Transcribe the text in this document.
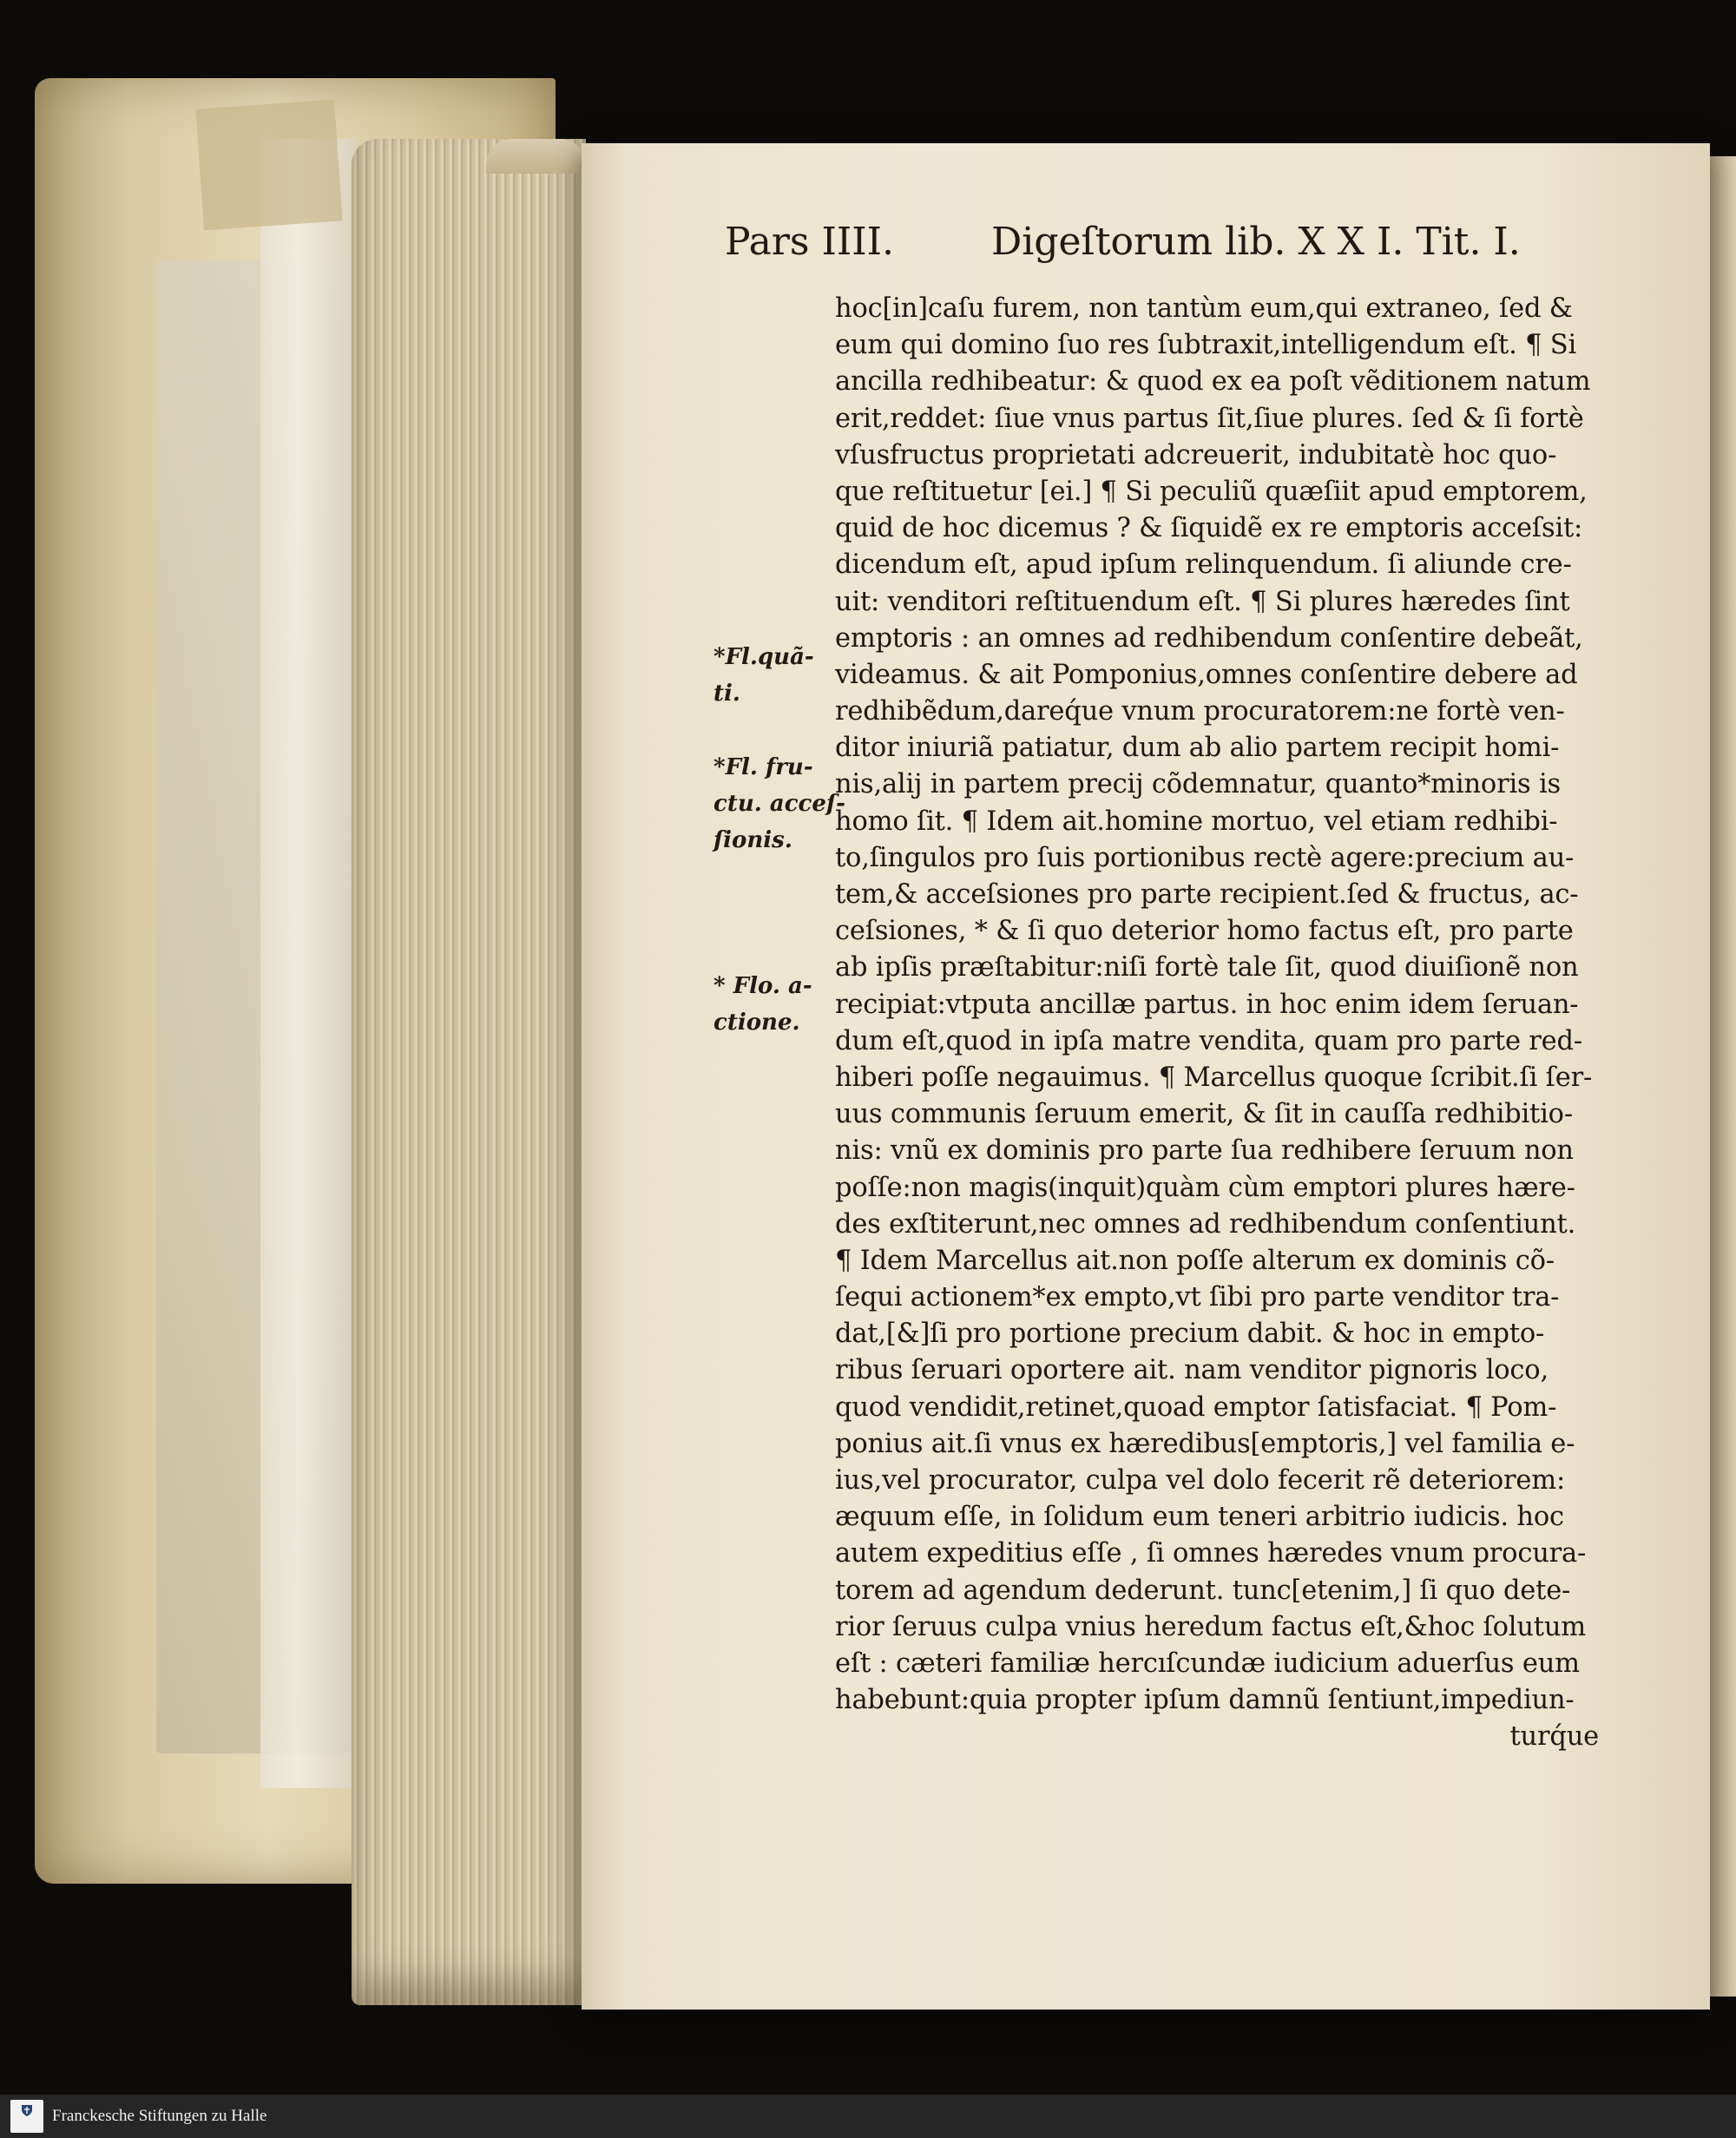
Pars IIII.	Digeſtorum lib. X X I. Tit. I.
hoc[in]caſu furem, non tantùm eum,qui extraneo, ſed &
eum qui domino ſuo res ſubtraxit,intelligendum eſt. ¶ Si
ancilla redhibeatur: & quod ex ea poſt vẽditionem natum
erit,reddet: ſiue vnus partus ſit,ſiue plures. ſed & ſi fortè
vſusfructus proprietati adcreuerit, indubitatè hoc quo-
que reſtituetur [ei.] ¶ Si peculiũ quæſiit apud emptorem,
quid de hoc dicemus ? & ſiquidẽ ex re emptoris acceſsit:
dicendum eſt, apud ipſum relinquendum. ſi aliunde cre-
uit: venditori reſtituendum eſt. ¶ Si plures hæredes ſint
emptoris : an omnes ad redhibendum conſentire debeãt,
videamus. & ait Pomponius,omnes conſentire debere ad
redhibẽdum,dareq́ue vnum procuratorem:ne fortè ven-
ditor iniuriã patiatur, dum ab alio partem recipit homi-
nis,alij in partem precij cõdemnatur, quanto*minoris is
homo ſit. ¶ Idem ait.homine mortuo, vel etiam redhibi-
to,ſingulos pro ſuis portionibus rectè agere:precium au-
tem,& acceſsiones pro parte recipient.ſed & fructus, ac-
ceſsiones, * & ſi quo deterior homo factus eſt, pro parte
ab ipſis præſtabitur:niſi fortè tale ſit, quod diuiſionẽ non
recipiat:vtputa ancillæ partus. in hoc enim idem ſeruan-
dum eſt,quod in ipſa matre vendita, quam pro parte red-
hiberi poſſe negauimus. ¶ Marcellus quoque ſcribit.ſi ſer-
uus communis ſeruum emerit, & ſit in cauſſa redhibitio-
nis: vnũ ex dominis pro parte ſua redhibere ſeruum non
poſſe:non magis(inquit)quàm cùm emptori plures hære-
des exſtiterunt,nec omnes ad redhibendum conſentiunt.
¶ Idem Marcellus ait.non poſſe alterum ex dominis cõ-
ſequi actionem*ex empto,vt ſibi pro parte venditor tra-
dat,[&]ſi pro portione precium dabit. & hoc in empto-
ribus ſeruari oportere ait. nam venditor pignoris loco,
quod vendidit,retinet,quoad emptor ſatisfaciat. ¶ Pom-
ponius ait.ſi vnus ex hæredibus[emptoris,] vel familia e-
ius,vel procurator, culpa vel dolo fecerit rẽ deteriorem:
æquum eſſe, in ſolidum eum teneri arbitrio iudicis. hoc
autem expeditius eſſe , ſi omnes hæredes vnum procura-
torem ad agendum dederunt. tunc[etenim,] ſi quo dete-
rior ſeruus culpa vnius heredum factus eſt,&hoc ſolutum
eſt : cæteri familiæ hercıſcundæ iudicium aduerſus eum
habebunt:quia propter ipſum damnũ ſentiunt,impediun-
turq́ue
*Fl.quã-
ti.
*Fl. fru-
ctu. acceſ-
ſionis.
* Flo. a-
ctione.
Franckesche Stiftungen zu Halle
